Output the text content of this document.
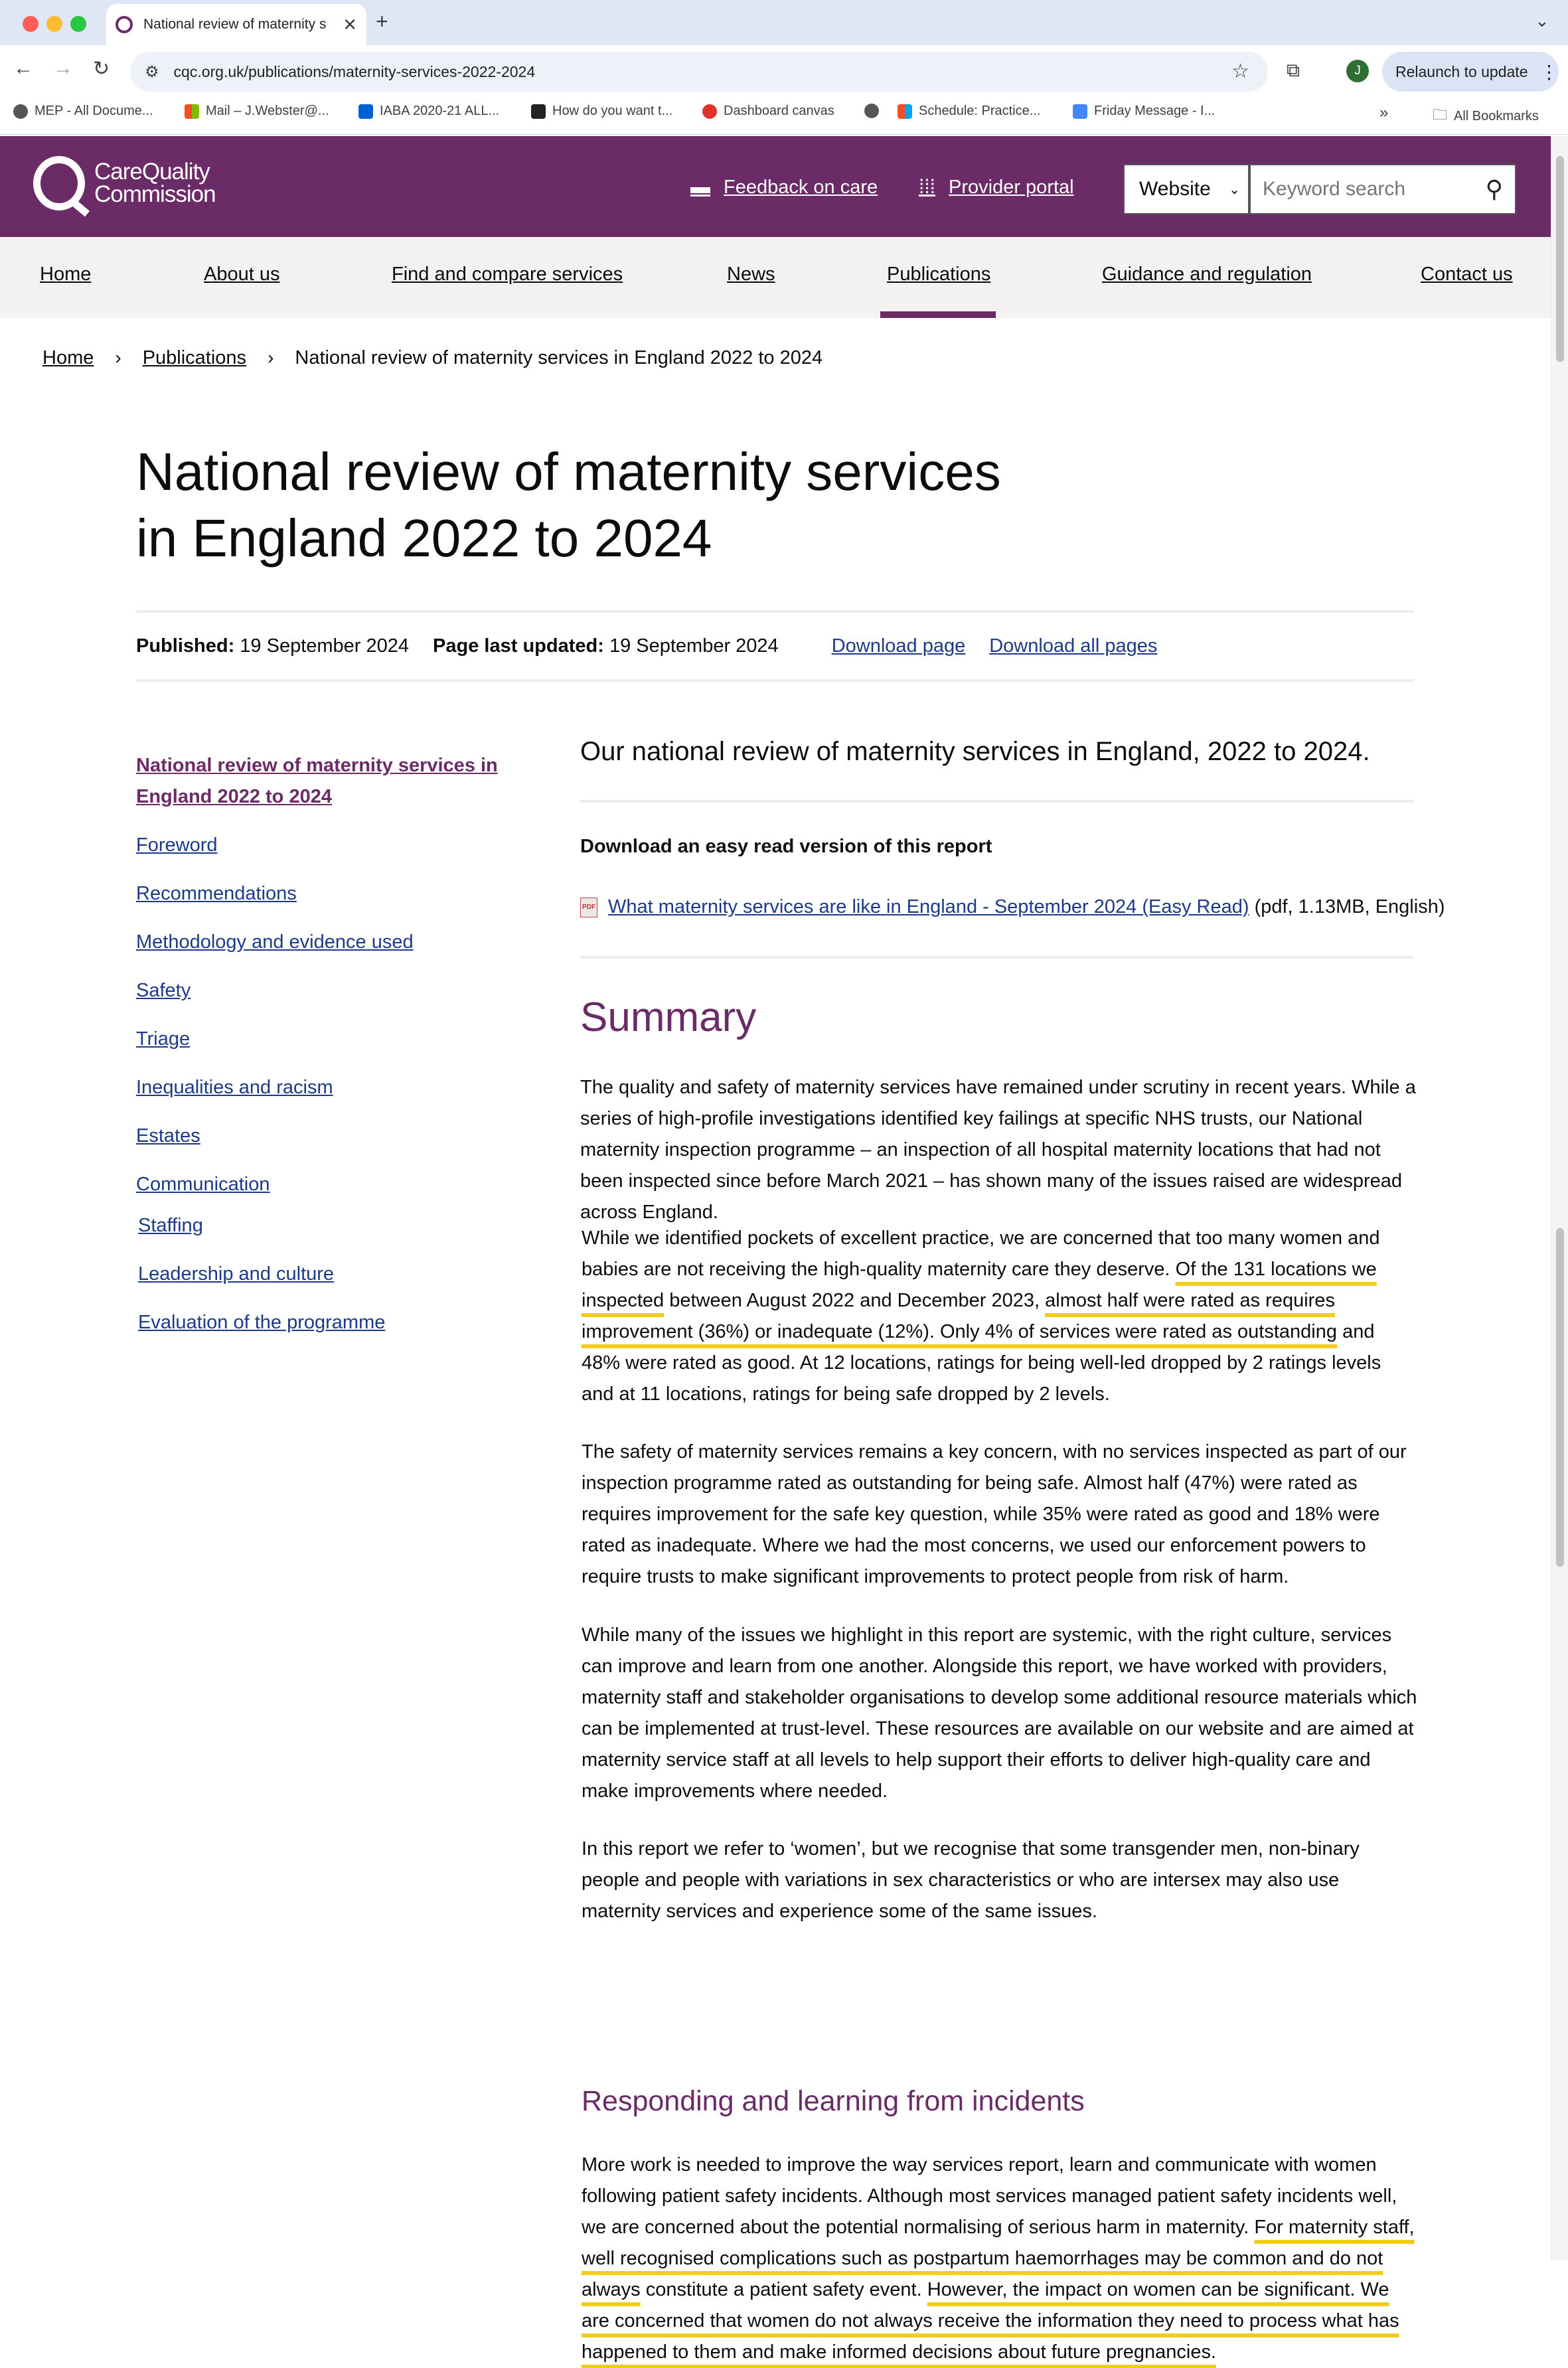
National review of maternity s ✕ +	⌄
← → ↻ ⚙ cqc.org.uk/publications/maternity-services-2022-2024	☆ ⧉	J	Relaunch to update ⋮
MEP - All Docume...	Mail – J.Webster@...	IABA 2020-21 ALL...	How do you want t...	Dashboard canvas	Schedule: Practice...	Friday Message - I...	»	🗀 All Bookmarks
CareQuality
Commission	▬ Feedback on care ⁞⁞⁞ Provider portal	Website ⌄
Keyword search	⚲
Home	About us	Find and compare services	News	Publications	Guidance and regulation	Contact us
Home › Publications › National review of maternity services in England 2022 to 2024
National review of maternity services
in England 2022 to 2024
Published: 19 September 2024 Page last updated: 19 September 2024	Download page Download all pages
National review of maternity services in England 2022 to 2024
Foreword
Recommendations
Methodology and evidence used
Safety
Triage
Inequalities and racism
Estates
Communication
Staffing
Leadership and culture
Evaluation of the programme
Our national review of maternity services in England, 2022 to 2024.
Download an easy read version of this report
PDF What maternity services are like in England - September 2024 (Easy Read)
(pdf, 1.13MB, English)
Summary

The quality and safety of maternity services have remained under scrutiny in recent years. While a series of high-profile investigations identified key failings at specific NHS trusts, our National maternity inspection programme – an inspection of all hospital maternity locations that had not been inspected since before March 2021 – has shown many of the issues raised are widespread across England.

While we identified pockets of excellent practice, we are concerned that too many women and babies are not receiving the high-quality maternity care they deserve. Of the 131 locations we inspected between August 2022 and December 2023, almost half were rated as requires improvement (36%) or inadequate (12%). Only 4% of services were rated as outstanding and 48% were rated as good. At 12 locations, ratings for being well-led dropped by 2 ratings levels and at 11 locations, ratings for being safe dropped by 2 levels.

The safety of maternity services remains a key concern, with no services inspected as part of our inspection programme rated as outstanding for being safe. Almost half (47%) were rated as requires improvement for the safe key question, while 35% were rated as good and 18% were rated as inadequate. Where we had the most concerns, we used our enforcement powers to require trusts to make significant improvements to protect people from risk of harm.

While many of the issues we highlight in this report are systemic, with the right culture, services can improve and learn from one another. Alongside this report, we have worked with providers, maternity staff and stakeholder organisations to develop some additional resource materials which can be implemented at trust-level. These resources are available on our website and are aimed at maternity service staff at all levels to help support their efforts to deliver high-quality care and make improvements where needed.

In this report we refer to ‘women’, but we recognise that some transgender men, non-binary people and people with variations in sex characteristics or who are intersex may also use maternity services and experience some of the same issues.

Responding and learning from incidents

More work is needed to improve the way services report, learn and communicate with women following patient safety incidents. Although most services managed patient safety incidents well, we are concerned about the potential normalising of serious harm in maternity. For maternity staff, well recognised complications such as postpartum haemorrhages may be common and do not always constitute a patient safety event. However, the impact on women can be significant. We are concerned that women do not always receive the information they need to process what has happened to them and make informed decisions about future pregnancies.
